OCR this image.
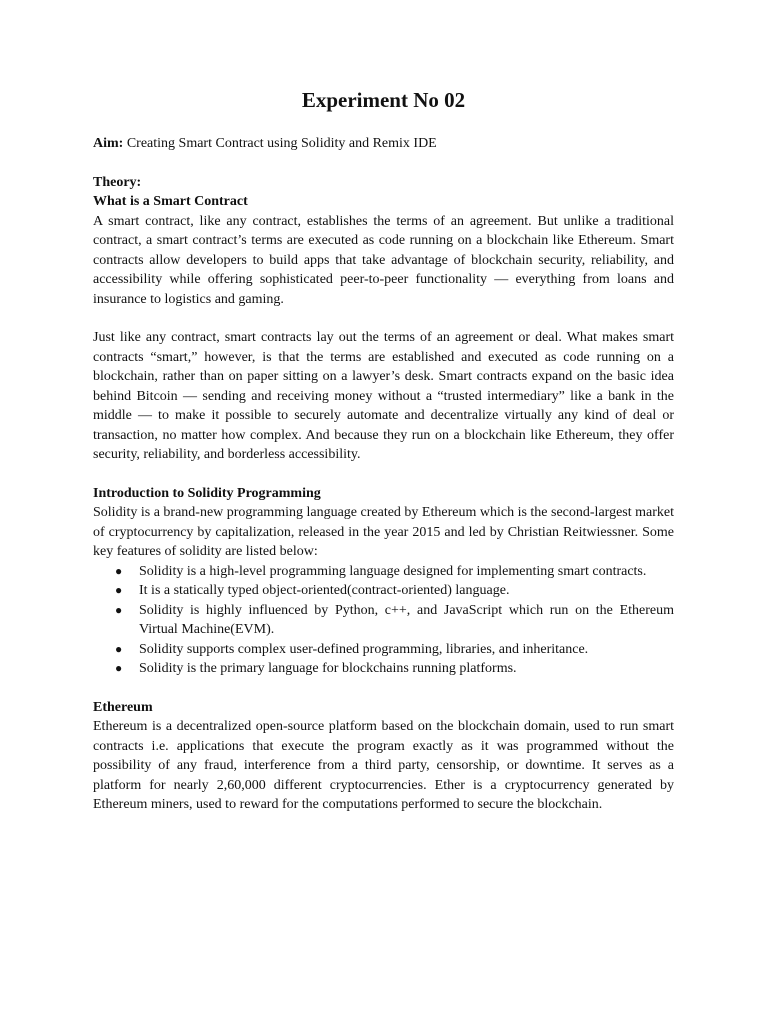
Experiment No 02
Aim: Creating Smart Contract using Solidity and Remix IDE
Theory:
What is a Smart Contract

A smart contract, like any contract, establishes the terms of an agreement. But unlike a traditional contract, a smart contract’s terms are executed as code running on a blockchain like Ethereum. Smart contracts allow developers to build apps that take advantage of blockchain security, reliability, and accessibility while offering sophisticated peer-to-peer functionality — everything from loans and insurance to logistics and gaming.

Just like any contract, smart contracts lay out the terms of an agreement or deal. What makes smart contracts “smart,” however, is that the terms are established and executed as code running on a blockchain, rather than on paper sitting on a lawyer’s desk. Smart contracts expand on the basic idea behind Bitcoin — sending and receiving money without a “trusted intermediary” like a bank in the middle — to make it possible to securely automate and decentralize virtually any kind of deal or transaction, no matter how complex. And because they run on a blockchain like Ethereum, they offer security, reliability, and borderless accessibility.

Introduction to Solidity Programming

Solidity is a brand-new programming language created by Ethereum which is the second-largest market of cryptocurrency by capitalization, released in the year 2015 and led by Christian Reitwiessner. Some key features of solidity are listed below:

● Solidity is a high-level programming language designed for implementing smart contracts.
● It is a statically typed object-oriented(contract-oriented) language.
● Solidity is highly influenced by Python, c++, and JavaScript which run on the Ethereum Virtual Machine(EVM).
● Solidity supports complex user-defined programming, libraries, and inheritance.
● Solidity is the primary language for blockchains running platforms.
Ethereum

Ethereum is a decentralized open-source platform based on the blockchain domain, used to run smart contracts i.e. applications that execute the program exactly as it was programmed without the possibility of any fraud, interference from a third party, censorship, or downtime. It serves as a platform for nearly 2,60,000 different cryptocurrencies. Ether is a cryptocurrency generated by Ethereum miners, used to reward for the computations performed to secure the blockchain.
